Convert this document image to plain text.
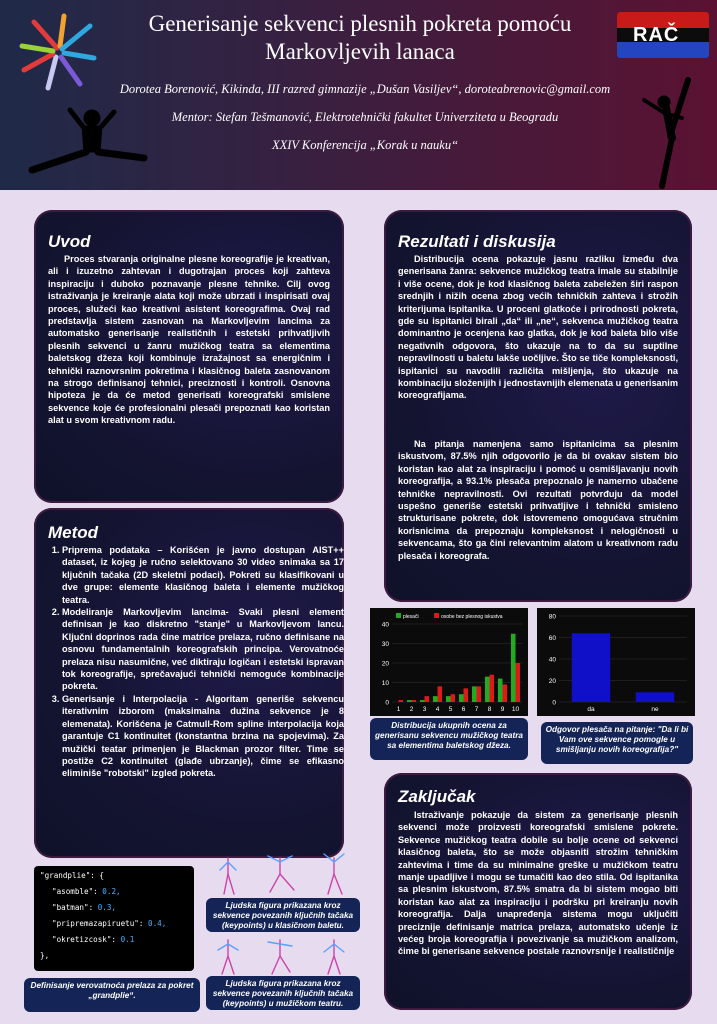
Generisanje sekvenci plesnih pokreta pomoću Markovljevih lanaca
RAČ
Dorotea Borenović, Kikinda, III razred gimnazije „Dušan Vasiljev“, doroteabrenovic@gmail.com
Mentor: Stefan Tešmanović, Elektrotehnički fakultet Univerziteta u Beogradu
XXIV Konferencija „Korak u nauku“
Uvod

Proces stvaranja originalne plesne koreografije je kreativan, ali i izuzetno zahtevan i dugotrajan proces koji zahteva inspiraciju i duboko poznavanje plesne tehnike. Cilj ovog istraživanja je kreiranje alata koji može ubrzati i inspirisati ovaj proces, služeći kao kreativni asistent koreografima. Ovaj rad predstavlja sistem zasnovan na Markovljevim lancima za automatsko generisanje realističnih i estetski prihvatljivih plesnih sekvenci u žanru mužičkog teatra sa elementima baletskog džeza koji kombinuje izražajnost sa energičnim i tehnički raznovrsnim pokretima i klasičnog baleta zasnovanom na strogo definisanoj tehnici, preciznosti i kontroli. Osnovna hipoteza je da će metod generisati koreografski smislene sekvence koje će profesionalni plesači prepoznati kao koristan alat u svom kreativnom radu.

Metod
1. Priprema podataka – Korišćen je javno dostupan AIST++ dataset, iz kojeg je ručno selektovano 30 video snimaka sa 17 ključnih tačaka (2D skeletni podaci). Pokreti su klasifikovani u dve grupe: elemente klasičnog baleta i elemente mužičkog teatra.
2. Modeliranje Markovljevim lancima- Svaki plesni element definisan je kao diskretno "stanje" u Markovljevom lancu. Ključni doprinos rada čine matrice prelaza, ručno definisane na osnovu fundamentalnih koreografskih principa. Verovatnoće prelaza nisu nasumične, već diktiraju logičan i estetski ispravan tok koreografije, sprečavajući tehnički nemoguće kombinacije pokreta.
3. Generisanje i Interpolacija - Algoritam generiše sekvencu iterativnim izborom (maksimalna dužina sekvence je 8 elemenata). Korišćena je Catmull-Rom spline interpolacija koja garantuje C1 kontinuitet (konstantna brzina na spojevima). Za mužički teatar primenjen je Blackman prozor filter. Time se postiže C2 kontinuitet (glađe ubrzanje), čime se efikasno eliminiše "robotski" izgled pokreta.
"grandplie": {
"asomble": 0.2,
"batman": 0.3,
"pripremazapiruetu": 0.4,
"okretizcosk": 0.1
},
Definisanje verovatnoća prelaza za pokret „grandplie“.
Ljudska figura prikazana kroz sekvence povezanih ključnih tačaka (keypoints) u klasičnom baletu.
Ljudska figura prikazana kroz sekvence povezanih ključnih tačaka (keypoints) u mužičkom teatru.
Rezultati i diskusija

Distribucija ocena pokazuje jasnu razliku između dva generisana žanra: sekvence mužičkog teatra imale su stabilnije i više ocene, dok je kod klasičnog baleta zabeležen širi raspon srednjih i nižih ocena zbog većih tehničkih zahteva i strožih kriterijuma ispitanika. U proceni glatkoće i prirodnosti pokreta, gde su ispitanici birali „da“ ili „ne“, sekvenca mužičkog teatra dominantno je ocenjena kao glatka, dok je kod baleta bilo više negativnih odgovora, što ukazuje na to da su suptilne nepravilnosti u baletu lakše uočljive. Što se tiče kompleksnosti, ispitanici su navodili različita mišljenja, što ukazuje na kombinaciju složenijih i jednostavnijih elemenata u generisanim koreografijama.

Na pitanja namenjena samo ispitanicima sa plesnim iskustvom, 87.5% njih odgovorilo je da bi ovakav sistem bio koristan kao alat za inspiraciju i pomoć u osmišljavanju novih koreografija, a 93.1% plesača prepoznalo je namerno ubačene tehničke nepravilnosti. Ovi rezultati potvrđuju da model uspešno generiše estetski prihvatljive i tehnički smisleno strukturisane pokrete, dok istovremeno omogućava stručnim korisnicima da prepoznaju kompleksnost i nelogičnosti u sekvencama, što ga čini relevantnim alatom u kreativnom radu plesača i koreografa.

0
10
20
30
40
1 2 3 4 5 6 7 8 9 10
plesači	osobe bez plesnog iskustva
Distribucija ukupnih ocena za generisanu sekvencu mužičkog teatra sa elementima baletskog džeza.
0
20
40
60
80
da	ne
Odgovor plesača na pitanje: "Da li bi Vam ove sekvence pomogle u smišljanju novih koreografija?"
Zaključak

Istraživanje pokazuje da sistem za generisanje plesnih sekvenci može proizvesti koreografski smislene pokrete. Sekvence mužičkog teatra dobile su bolje ocene od sekvenci klasičnog baleta, što se može objasniti strožim tehničkim zahtevima i time da su minimalne greške u mužičkom teatru manje upadljive i mogu se tumačiti kao deo stila. Od ispitanika sa plesnim iskustvom, 87.5% smatra da bi sistem mogao biti koristan kao alat za inspiraciju i podršku pri kreiranju novih koreografija. Dalja unapređenja sistema mogu uključiti preciznije definisanje matrica prelaza, automatsko učenje iz većeg broja koreografija i povezivanje sa mužičkom analizom, čime bi generisane sekvence postale raznovrsnije i realističnije
